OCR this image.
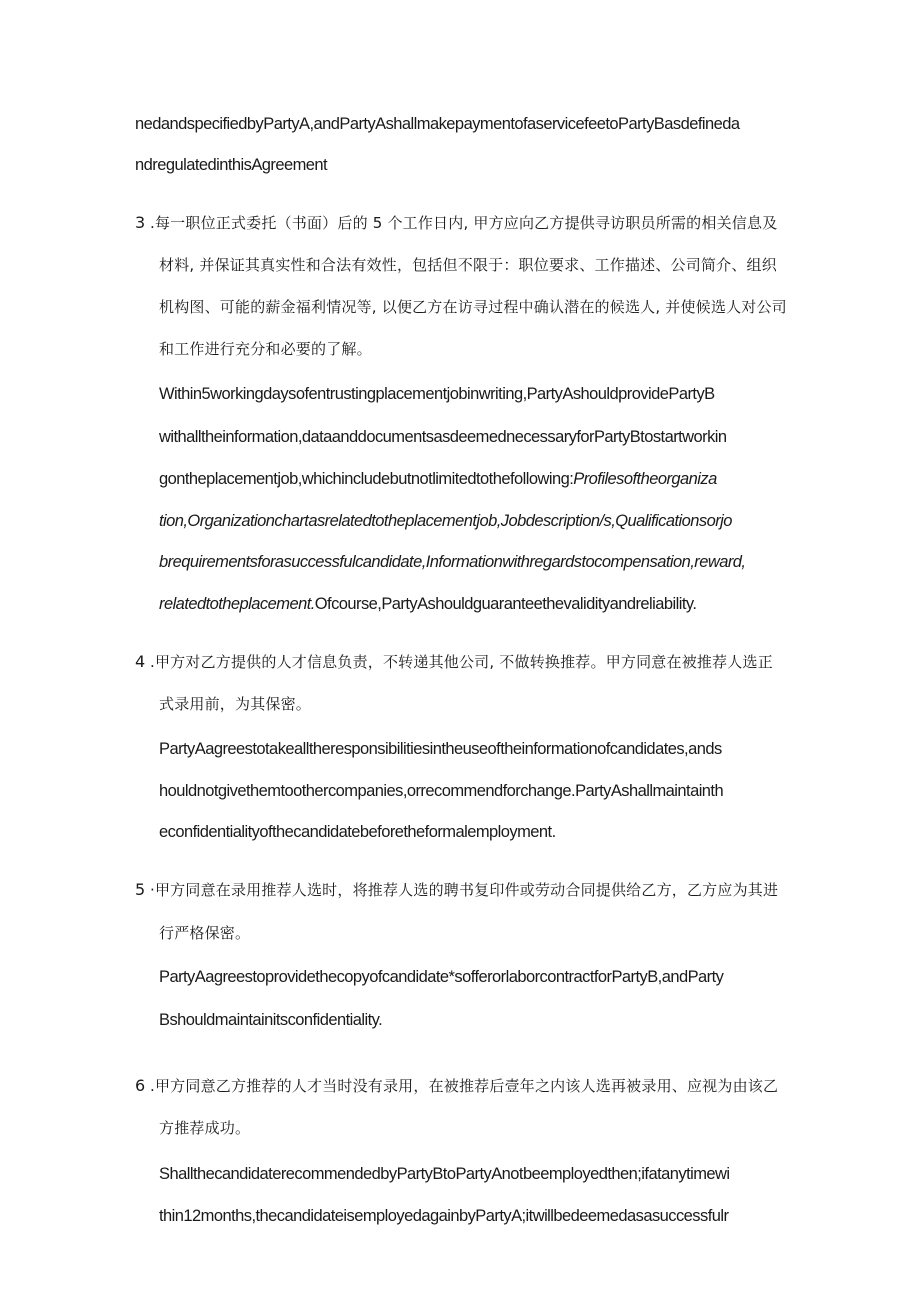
nedandspecifiedbyPartyA,andPartyAshallmakepaymentofaservicefeetoPartyBasdefineda
ndregulatedinthisAgreement
3 .每一职位正式委托（书面）后的 5 个工作日内, 甲方应向乙方提供寻访职员所需的相关信息及
材料, 并保证其真实性和合法有效性，包括但不限于：职位要求、工作描述、公司简介、组织
机构图、可能的薪金福利情况等, 以便乙方在访寻过程中确认潜在的候选人, 并使候选人对公司
和工作进行充分和必要的了解。
Within5workingdaysofentrustingplacementjobinwriting,PartyAshouldprovidePartyB
withalltheinformation,dataanddocumentsasdeemednecessaryforPartyBtostartworkin
gontheplacementjob,whichincludebutnotlimitedtothefollowing:Profilesoftheorganiza
tion,Organizationchartasrelatedtotheplacementjob,Jobdescription/s,Qualificationsorjo
brequirementsforasuccessfulcandidate,Informationwithregardstocompensation,reward,
relatedtotheplacement.Ofcourse,PartyAshouldguaranteethevalidityandreliability.
4 .甲方对乙方提供的人才信息负责，不转递其他公司, 不做转换推荐。甲方同意在被推荐人选正
式录用前，为其保密。
PartyAagreestotakealltheresponsibilitiesintheuseoftheinformationofcandidates,ands
houldnotgivethemtoothercompanies,orrecommendforchange.PartyAshallmaintainth
econfidentialityofthecandidatebeforetheformalemployment.
5 ·甲方同意在录用推荐人选时，将推荐人选的聘书复印件或劳动合同提供给乙方，乙方应为其进
行严格保密。
PartyAagreestoprovidethecopyofcandidate*sofferorlaborcontractforPartyB,andParty
Bshouldmaintainitsconfidentiality.
6 .甲方同意乙方推荐的人才当时没有录用，在被推荐后壹年之内该人选再被录用、应视为由该乙
方推荐成功。
ShallthecandidaterecommendedbyPartyBtoPartyAnotbeemployedthen;ifatanytimewi
thin12months,thecandidateisemployedagainbyPartyA;itwillbedeemedasasuccessfulr
